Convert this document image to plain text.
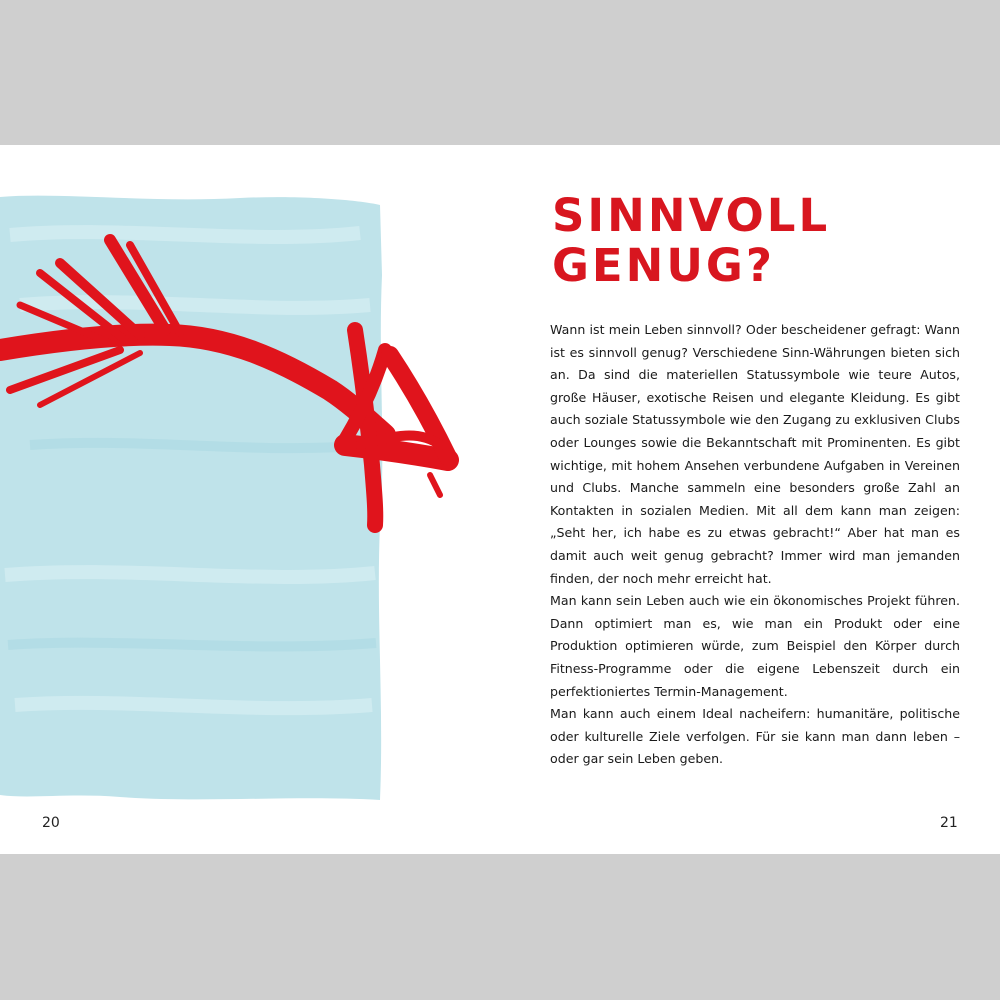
20
SINNVOLL
GENUG?

Wann ist mein Leben sinnvoll? Oder bescheidener gefragt: Wann ist es sinnvoll genug? Verschiedene Sinn-Währungen bieten sich an. Da sind die materiellen Statussymbole wie teure Autos, große Häuser, exotische Reisen und elegante Kleidung. Es gibt auch soziale Statussymbole wie den Zugang zu exklusiven Clubs oder Lounges sowie die Bekanntschaft mit Prominenten. Es gibt wichtige, mit hohem Ansehen verbundene Aufgaben in Vereinen und Clubs. Manche sammeln eine besonders große Zahl an Kontakten in sozialen Medien. Mit all dem kann man zeigen: „Seht her, ich habe es zu etwas gebracht!“ Aber hat man es damit auch weit genug gebracht? Immer wird man jemanden finden, der noch mehr erreicht hat.

Man kann sein Leben auch wie ein ökonomisches Projekt führen. Dann optimiert man es, wie man ein Produkt oder eine Produktion optimieren würde, zum Beispiel den Körper durch Fitness-Programme oder die eigene Lebenszeit durch ein perfektioniertes Termin-Management.

Man kann auch einem Ideal nacheifern: humanitäre, politische oder kulturelle Ziele verfolgen. Für sie kann man dann leben – oder gar sein Leben geben.

21
